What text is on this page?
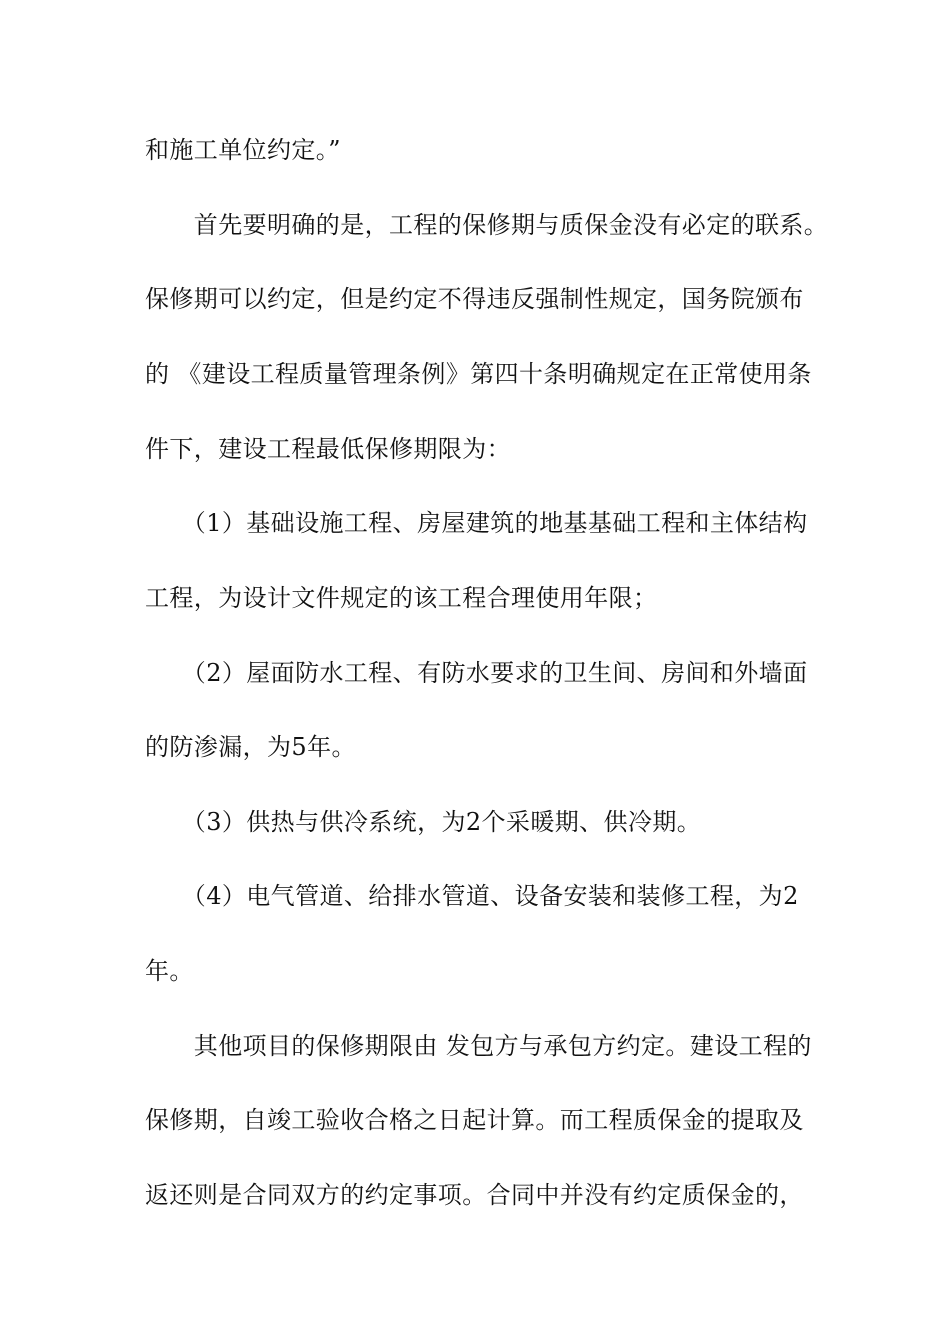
和施工单位约定。”
　　首先要明确的是，工程的保修期与质保金没有必定的联系。
保修期可以约定，但是约定不得违反强制性规定，国务院颁布
的 《建设工程质量管理条例》第四十条明确规定在正常使用条
件下，建设工程最低保修期限为：
　　（1）基础设施工程、房屋建筑的地基基础工程和主体结构
工程，为设计文件规定的该工程合理使用年限；
　　（2）屋面防水工程、有防水要求的卫生间、房间和外墙面
的防渗漏，为5年。
　　（3）供热与供冷系统，为2个采暖期、供冷期。
　　（4）电气管道、给排水管道、设备安装和装修工程，为2
年。
　　其他项目的保修期限由 发包方与承包方约定。建设工程的
保修期，自竣工验收合格之日起计算。而工程质保金的提取及
返还则是合同双方的约定事项。合同中并没有约定质保金的，
